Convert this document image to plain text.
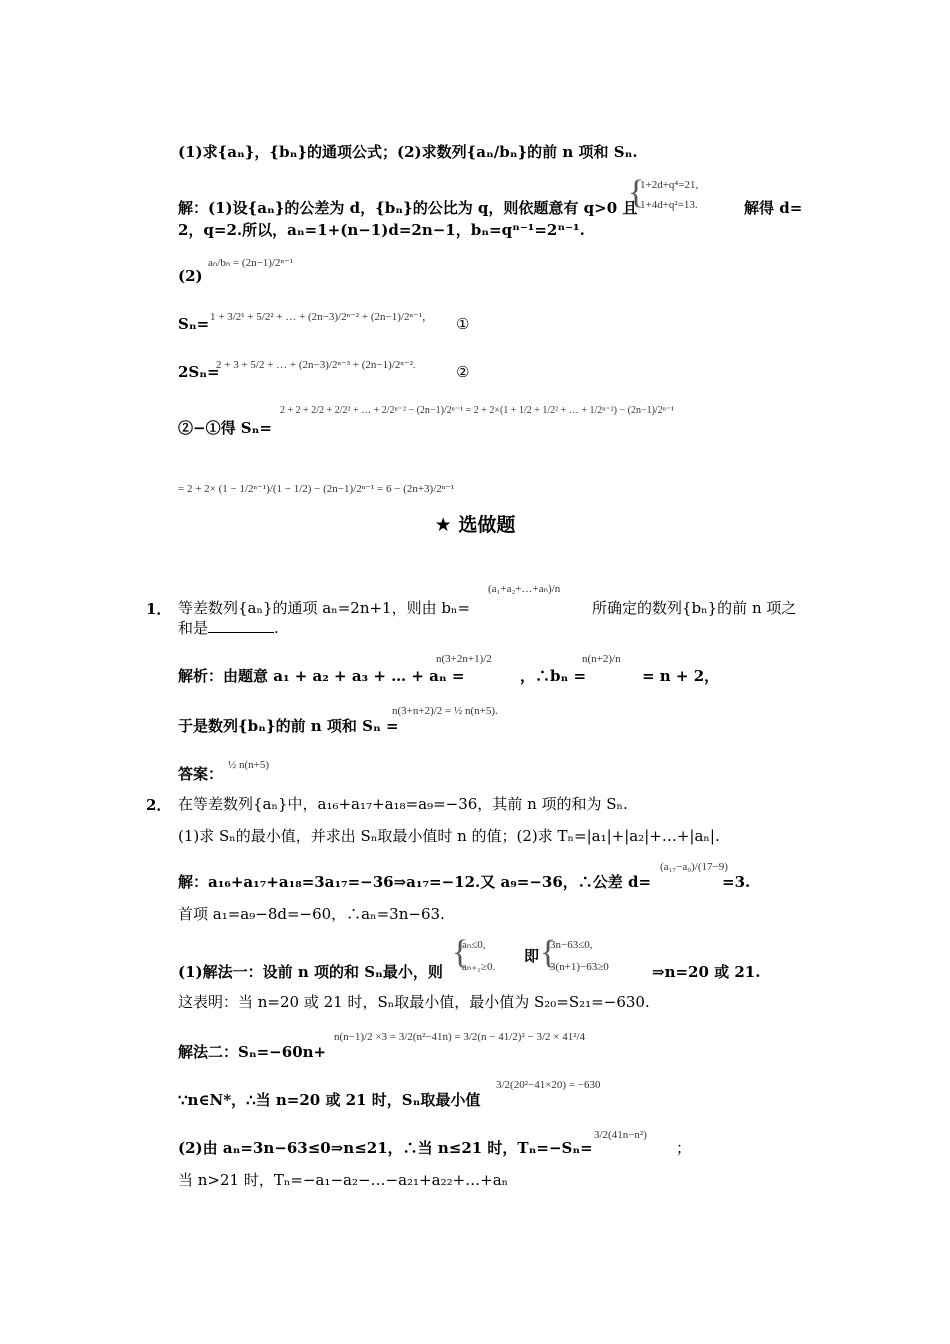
(1)求{aₙ}，{bₙ}的通项公式；(2)求数列{aₙ/bₙ}的前 n 项和 Sₙ.
解：(1)设{aₙ}的公差为 d，{bₙ}的公比为 q，则依题意有 q>0 且
{
1+2d+q⁴=21,
1+4d+q²=13.	解得 d=
2，q=2.所以，aₙ=1+(n−1)d=2n−1，bₙ=qⁿ⁻¹=2ⁿ⁻¹.
(2)
aₙ/bₙ = (2n−1)/2ⁿ⁻¹
Sₙ= 1 + 3/2¹ + 5/2² + … + (2n−3)/2ⁿ⁻² + (2n−1)/2ⁿ⁻¹， ①
2Sₙ=
2 + 3 + 5/2 + … + (2n−3)/2ⁿ⁻³ + (2n−1)/2ⁿ⁻².	②
②−①得 Sₙ=
2 + 2 + 2/2 + 2/2² + … + 2/2ⁿ⁻² − (2n−1)/2ⁿ⁻¹ = 2 + 2×(1 + 1/2 + 1/2² + … + 1/2ⁿ⁻²) − (2n−1)/2ⁿ⁻¹
= 2 + 2× (1 − 1/2ⁿ⁻¹)/(1 − 1/2) − (2n−1)/2ⁿ⁻¹ = 6 − (2n+3)/2ⁿ⁻¹
★ 选做题
1． 等差数列{aₙ}的通项 aₙ=2n+1，则由 bₙ=
(a₁+a₂+…+aₙ)/n
所确定的数列{bₙ}的前 n 项之
和是	.
解析：由题意 a₁ + a₂ + a₃ + … + aₙ =
n(3+2n+1)/2
，∴bₙ =
n(n+2)/n
= n + 2，
于是数列{bₙ}的前 n 项和 Sₙ =
n(3+n+2)/2 = ½ n(n+5).
答案： ½ n(n+5)
2． 在等差数列{aₙ}中，a₁₆+a₁₇+a₁₈=a₉=−36，其前 n 项的和为 Sₙ.
(1)求 Sₙ的最小值，并求出 Sₙ取最小值时 n 的值；(2)求 Tₙ=|a₁|+|a₂|+…+|aₙ|.
解：a₁₆+a₁₇+a₁₈=3a₁₇=−36⇒a₁₇=−12.又 a₉=−36，∴公差 d=
(a₁₇−a₉)/(17−9)
=3.
首项 a₁=a₉−8d=−60，∴aₙ=3n−63.
(1)解法一：设前 n 项的和 Sₙ最小，则
{
aₙ≤0,
aₙ₊₁≥0.
即 {
3n−63≤0,
3(n+1)−63≥0	⇒n=20 或 21.
这表明：当 n=20 或 21 时，Sₙ取最小值，最小值为 S₂₀=S₂₁=−630.
解法二：Sₙ=−60n+
n(n−1)/2 ×3 = 3/2(n²−41n) = 3/2(n − 41/2)² − 3/2 × 41²/4
∵n∈N*，∴当 n=20 或 21 时，Sₙ取最小值
3/2(20²−41×20) = −630
(2)由 aₙ=3n−63≤0⇒n≤21，∴当 n≤21 时，Tₙ=−Sₙ=
3/2(41n−n²)
；
当 n>21 时，Tₙ=−a₁−a₂−…−a₂₁+a₂₂+…+aₙ
